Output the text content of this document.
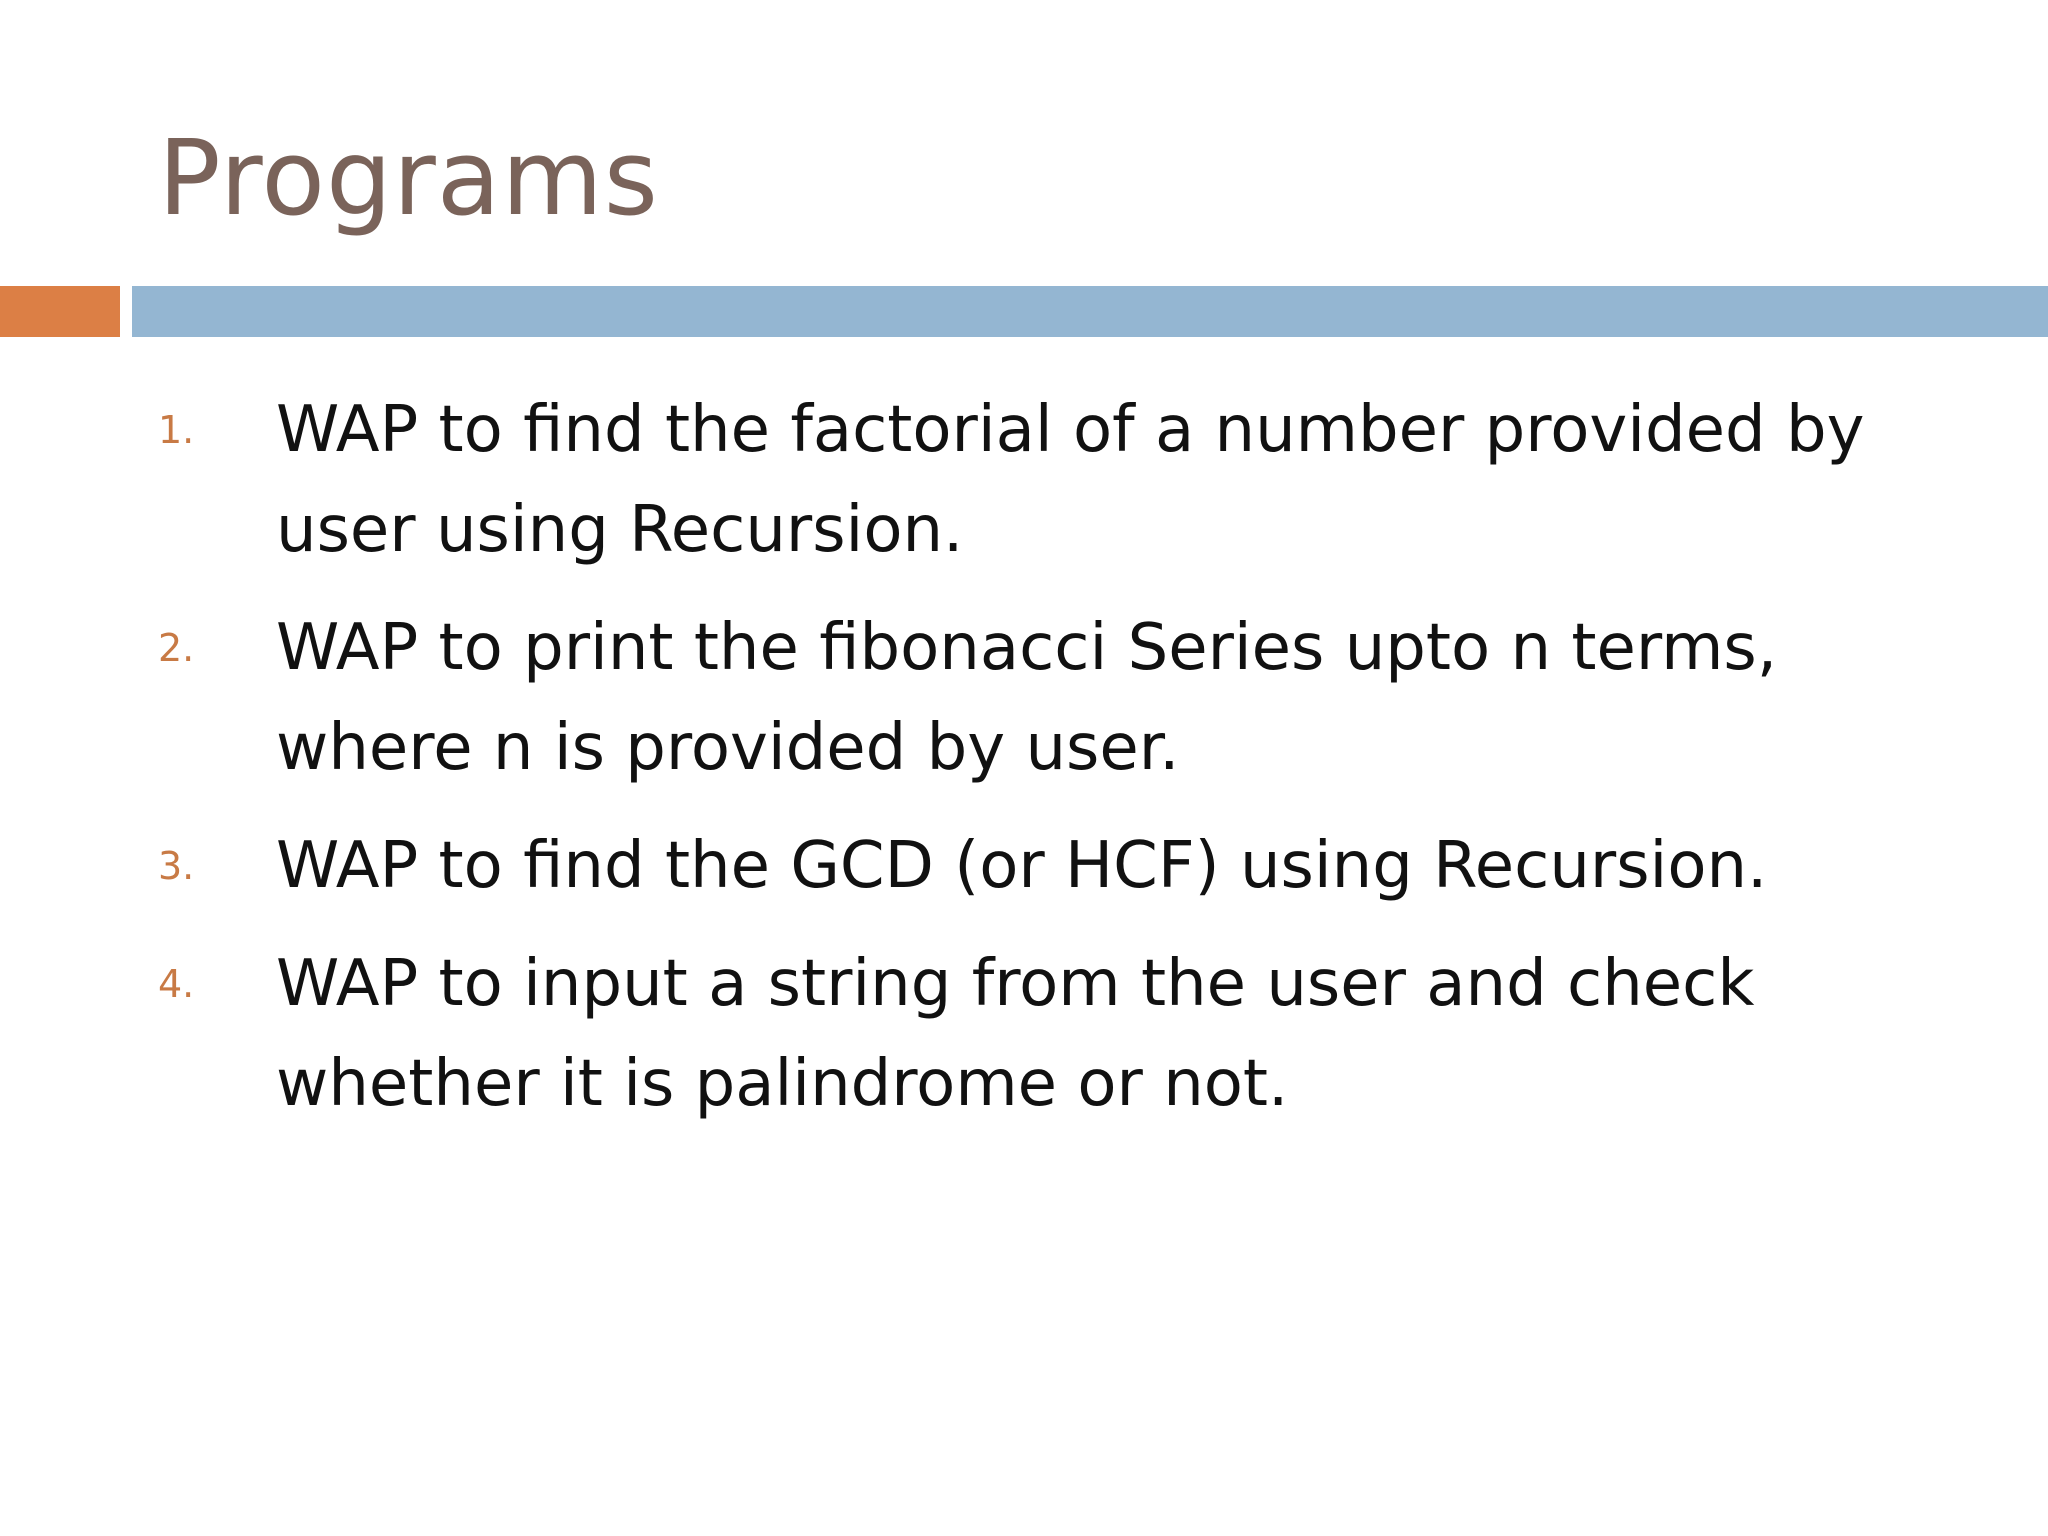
Programs
1.	WAP to find the factorial of a number provided by user using Recursion.
2.	WAP to print the fibonacci Series upto n terms, where n is provided by user.
3.	WAP to find the GCD (or HCF) using Recursion.
4.	WAP to input a string from the user and check whether it is palindrome or not.
